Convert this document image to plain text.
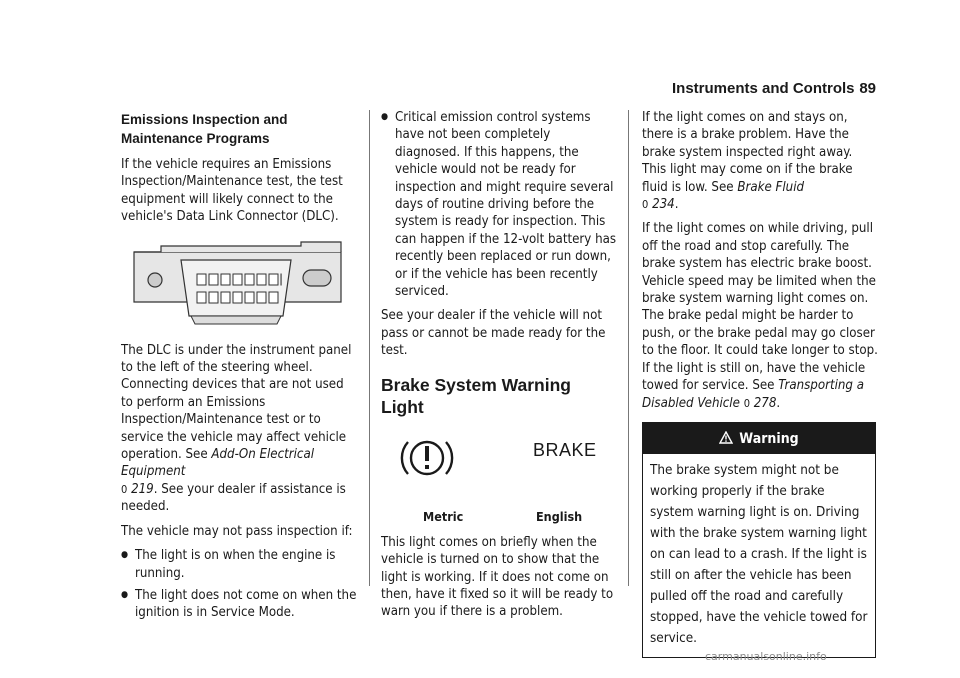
Instruments and Controls 89
Emissions Inspection and Maintenance Programs

If the vehicle requires an Emissions Inspection/Maintenance test, the test equipment will likely connect to the vehicle's Data Link Connector (DLC).

The DLC is under the instrument panel to the left of the steering wheel. Connecting devices that are not used to perform an Emissions Inspection/Maintenance test or to service the vehicle may affect vehicle operation. See Add-On Electrical Equipment
0 219. See your dealer if assistance is needed.

The vehicle may not pass inspection if:

● The light is on when the engine is running.
● The light does not come on when the ignition is in Service Mode.
● Critical emission control systems have not been completely diagnosed. If this happens, the vehicle would not be ready for inspection and might require several days of routine driving before the system is ready for inspection. This can happen if the 12-volt battery has recently been replaced or run down, or if the vehicle has been recently serviced.

See your dealer if the vehicle will not pass or cannot be made ready for the test.

Brake System Warning Light
BRAKE
Metric	English

This light comes on briefly when the vehicle is turned on to show that the light is working. If it does not come on then, have it fixed so it will be ready to warn you if there is a problem.

If the light comes on and stays on, there is a brake problem. Have the brake system inspected right away. This light may come on if the brake fluid is low. See Brake Fluid
0 234.

If the light comes on while driving, pull off the road and stop carefully. The brake system has electric brake boost. Vehicle speed may be limited when the brake system warning light comes on. The brake pedal might be harder to push, or the brake pedal may go closer to the floor. It could take longer to stop. If the light is still on, have the vehicle towed for service. See Transporting a Disabled Vehicle 0 278.

Warning
The brake system might not be working properly if the brake system warning light is on. Driving with the brake system warning light on can lead to a crash. If the light is still on after the vehicle has been pulled off the road and carefully stopped, have the vehicle towed for service.
carmanualsonline.info
